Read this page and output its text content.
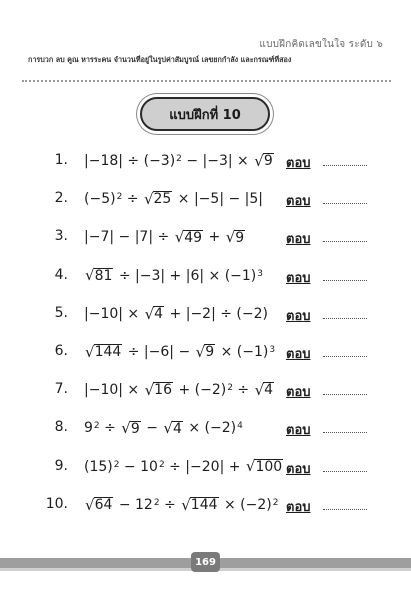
แบบฝึกคิดเลขในใจ ระดับ ๖
การบวก ลบ คูณ หารระคน จำนวนที่อยู่ในรูปค่าสัมบูรณ์ เลขยกกำลัง และกรณฑ์ที่สอง
แบบฝึกที่ 10
1. $|-18| \div (-3)^2 - |-3|$ × √ 9 ตอบ
2. $(-5)^2$ ÷ √ 25 × |−5| − |5| ตอบ
3. |−7| − |7| ÷ √ 49 + √ 9	ตอบ
4. √ $81 \div |-3| + |6| \times (-1)^3$ ตอบ
5. |−10| × √ 4 + |−2| ÷ (−2) ตอบ
6. √ 144 ÷ |−6| − √ $9 \times (-1)^3$ ตอบ
7. |−10| × √ $16 + (-2)^2$ ÷ √ 4 ตอบ
8. $9^2$ ÷ √ 9 − √ $4 \times (-2)^4$	ตอบ
9. $(15)^2 - 10^2 \div |-20|$ + √ 100 ตอบ
10. √ $64 - 12^2$ ÷ √ $144 \times (-2)^2$ ตอบ
169
